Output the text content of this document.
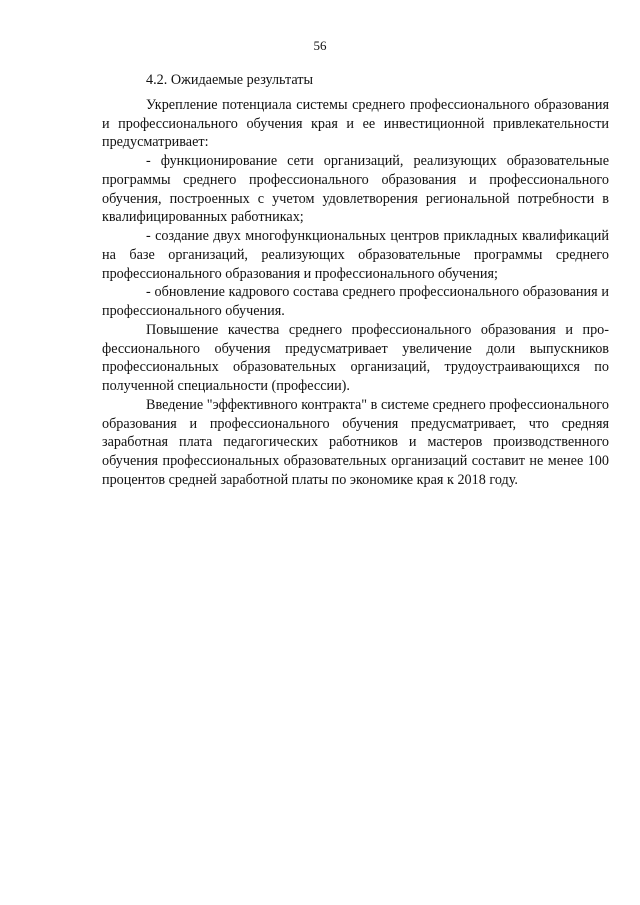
56

4.2. Ожидаемые результаты

Укрепление потенциала системы среднего профессионального образования и профессионального обучения края и ее инвестиционной привлекательности предусматривает:

- функционирование сети организаций, реализующих образовательные программы среднего профессионального образования и профессионального обучения, построенных с учетом удовлетворения региональной потребности в квалифицированных работниках;

- создание двух многофункциональных центров прикладных квалификаций на базе организаций, реализующих образовательные программы среднего профессионального образования и профессионального обучения;

- обновление кадрового состава среднего профессионального образования и профессионального обучения.

Повышение качества среднего профессионального образования и профессионального обучения предусматривает увеличение доли выпускников профессиональных образовательных организаций, трудоустраивающихся по полученной специальности (профессии).

Введение "эффективного контракта" в системе среднего профессионального образования и профессионального обучения предусматривает, что средняя заработная плата педагогических работников и мастеров производственного обучения профессиональных образовательных организаций составит не менее 100 процентов средней заработной платы по экономике края к 2018 году.
